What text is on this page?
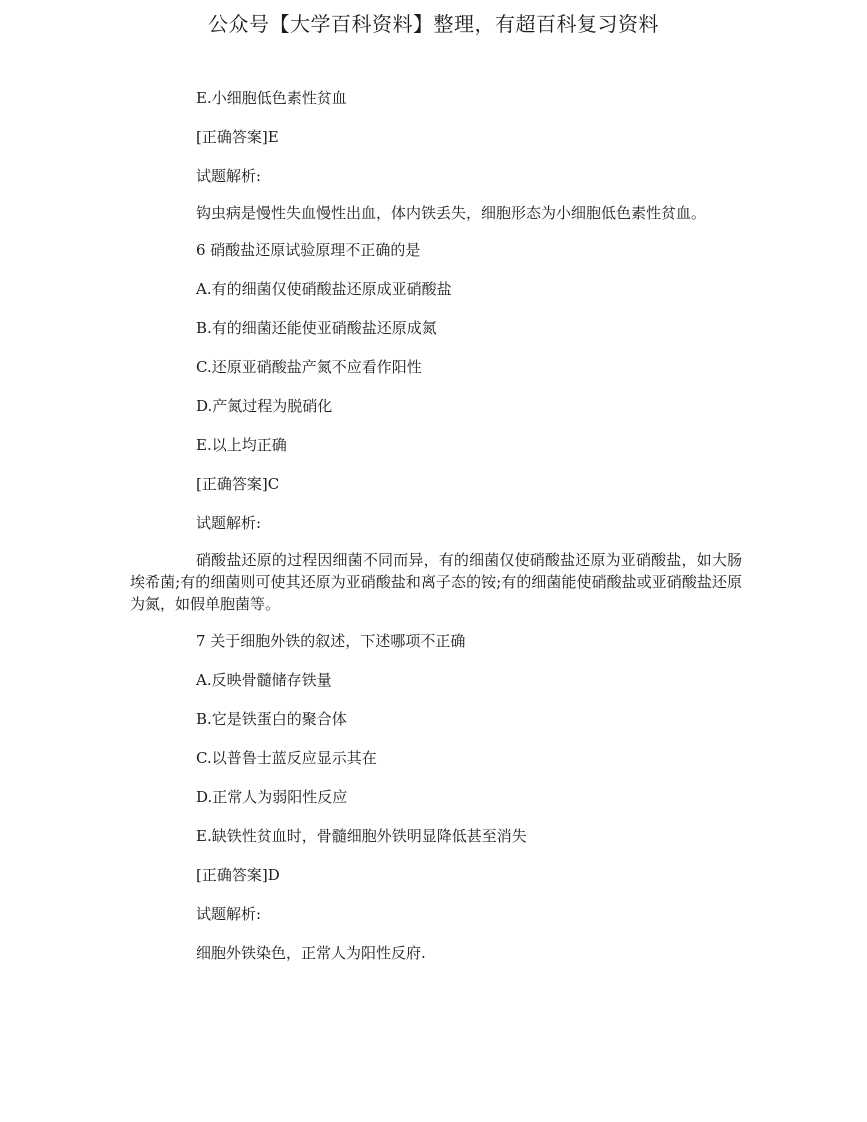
公众号【大学百科资料】整理，有超百科复习资料
E.小细胞低色素性贫血
[正确答案]E
试题解析:
钩虫病是慢性失血慢性出血，体内铁丢失，细胞形态为小细胞低色素性贫血。
6 硝酸盐还原试验原理不正确的是
A.有的细菌仅使硝酸盐还原成亚硝酸盐
B.有的细菌还能使亚硝酸盐还原成氮
C.还原亚硝酸盐产氮不应看作阳性
D.产氮过程为脱硝化
E.以上均正确
[正确答案]C
试题解析:
硝酸盐还原的过程因细菌不同而异，有的细菌仅使硝酸盐还原为亚硝酸盐，如大肠埃希菌;有的细菌则可使其还原为亚硝酸盐和离子态的铵;有的细菌能使硝酸盐或亚硝酸盐还原为氮，如假单胞菌等。
7 关于细胞外铁的叙述，下述哪项不正确
A.反映骨髓储存铁量
B.它是铁蛋白的聚合体
C.以普鲁士蓝反应显示其在
D.正常人为弱阳性反应
E.缺铁性贫血时，骨髓细胞外铁明显降低甚至消失
[正确答案]D
试题解析:
细胞外铁染色，正常人为阳性反府.
